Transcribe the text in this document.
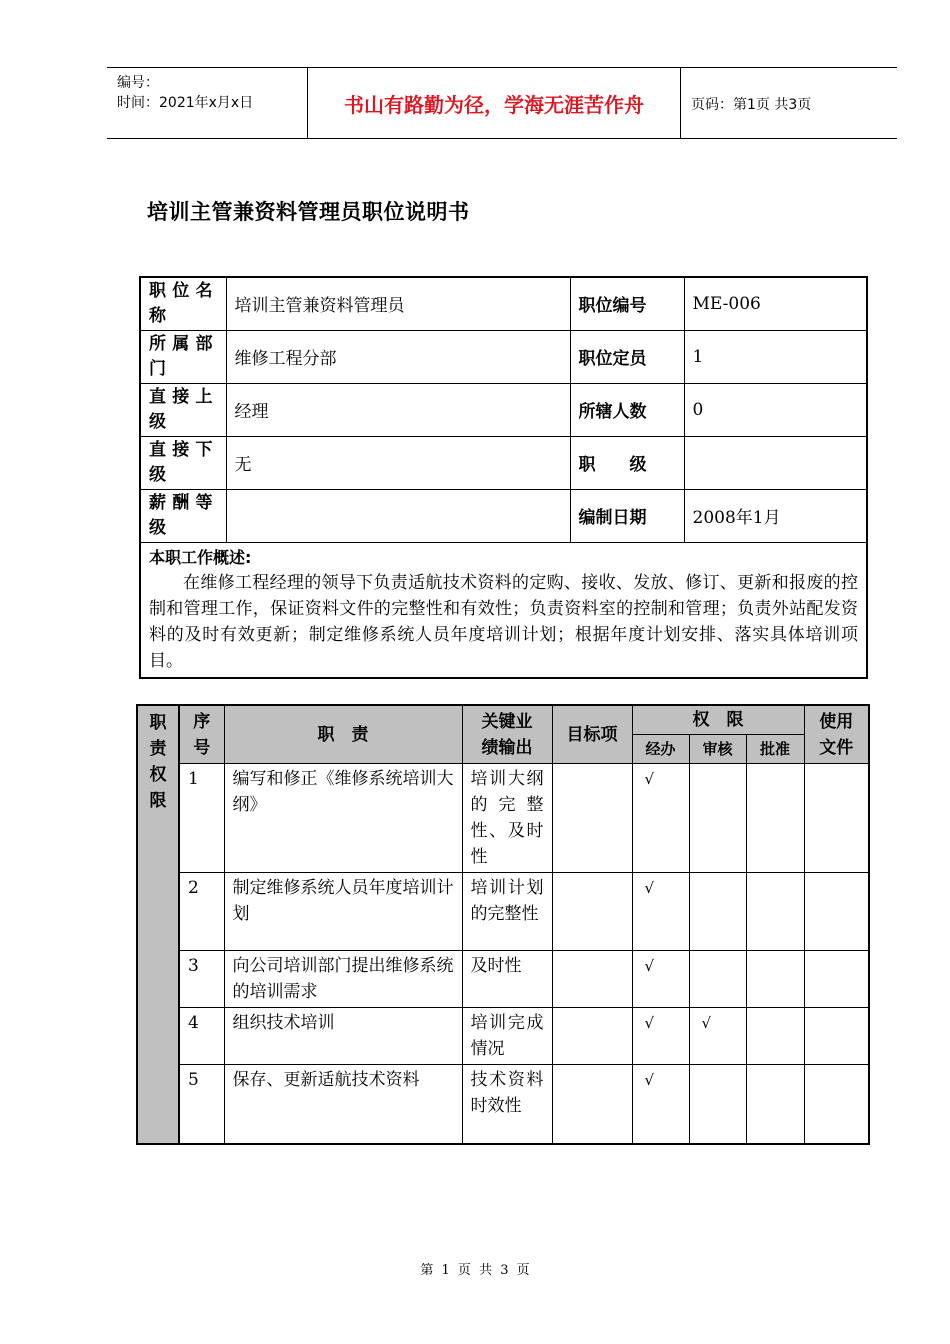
编号：
时间：2021年x月x日	书山有路勤为径，学海无涯苦作舟	页码：第1页 共3页
培训主管兼资料管理员职位说明书
职位名称	培训主管兼资料管理员	职位编号	ME-006
所属部门	维修工程分部	职位定员	1
直接上级	经理	所辖人数	0
直接下级	无	职　　级	
薪酬等级		编制日期	2008年1月

本职工作概述:
在维修工程经理的领导下负责适航技术资料的定购、接收、发放、修订、更新和报废的控制和管理工作，保证资料文件的完整性和有效性；负责资料室的控制和管理；负责外站配发资料的及时有效更新；制定维修系统人员年度培训计划；根据年度计划安排、落实具体培训项目。			
职责权限	序号	职　责	关键业绩输出	目标项	权　限			使用文件
					经办	审核	批准	
	1	编写和修正《维修系统培训大纲》	培训大纲的完整性、及时性		√			
	2	制定维修系统人员年度培训计划	培训计划的完整性		√			
	3	向公司培训部门提出维修系统的培训需求	及时性		√			
	4	组织技术培训	培训完成情况		√	√		
	5	保存、更新适航技术资料	技术资料时效性		√			
第 1 页 共 3 页
